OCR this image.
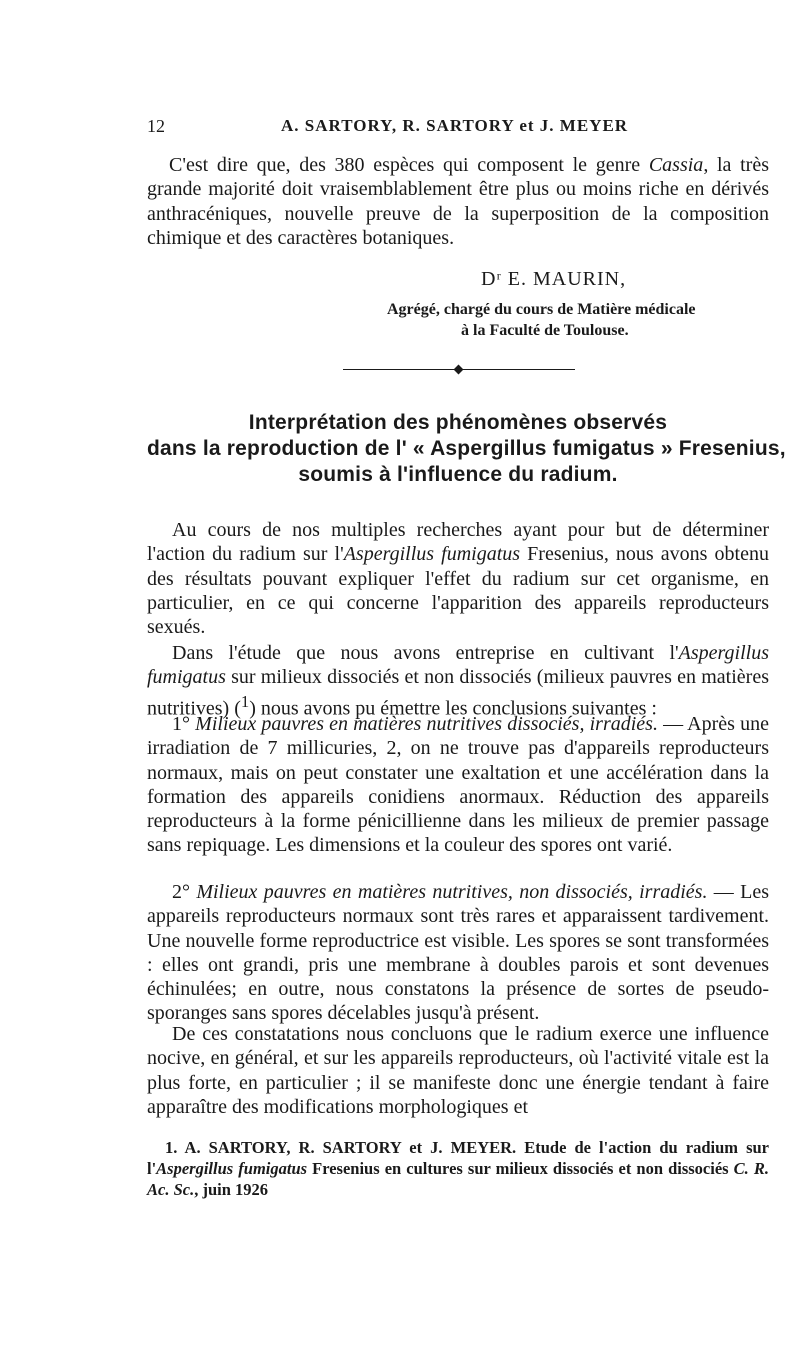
12	A. SARTORY, R. SARTORY et J. MEYER

C'est dire que, des 380 espèces qui composent le genre Cassia, la très grande majorité doit vraisemblablement être plus ou moins riche en dérivés anthracéniques, nouvelle preuve de la superposition de la composition chimique et des caractères botaniques.

Dʳ E. MAURIN,
Agrégé, chargé du cours de Matière médicale
à la Faculté de Toulouse.
Interprétation des phénomènes observés
dans la reproduction de l' « Aspergillus fumigatus » Fresenius,
soumis à l'influence du radium.

Au cours de nos multiples recherches ayant pour but de déterminer l'action du radium sur l'Aspergillus fumigatus Fresenius, nous avons obtenu des résultats pouvant expliquer l'effet du radium sur cet organisme, en particulier, en ce qui concerne l'apparition des appareils reproducteurs sexués.

Dans l'étude que nous avons entreprise en cultivant l'Aspergillus fumigatus sur milieux dissociés et non dissociés (milieux pauvres en matières nutritives) ($^1$) nous avons pu émettre les conclusions suivantes :

1° Milieux pauvres en matières nutritives dissociés, irradiés. — Après une irradiation de 7 millicuries, 2, on ne trouve pas d'appareils reproducteurs normaux, mais on peut constater une exaltation et une accélération dans la formation des appareils conidiens anormaux. Réduction des appareils reproducteurs à la forme pénicillienne dans les milieux de premier passage sans repiquage. Les dimensions et la couleur des spores ont varié.

2° Milieux pauvres en matières nutritives, non dissociés, irradiés. — Les appareils reproducteurs normaux sont très rares et apparaissent tardivement. Une nouvelle forme reproductrice est visible. Les spores se sont transformées : elles ont grandi, pris une membrane à doubles parois et sont devenues échinulées; en outre, nous constatons la présence de sortes de pseudo-sporanges sans spores décelables jusqu'à présent.

De ces constatations nous concluons que le radium exerce une influence nocive, en général, et sur les appareils reproducteurs, où l'activité vitale est la plus forte, en particulier ; il se manifeste donc une énergie tendant à faire apparaître des modifications morphologiques et

1. A. SARTORY, R. SARTORY et J. MEYER. Etude de l'action du radium sur l'Aspergillus fumigatus Fresenius en cultures sur milieux dissociés et non dissociés C. R. Ac. Sc., juin 1926
